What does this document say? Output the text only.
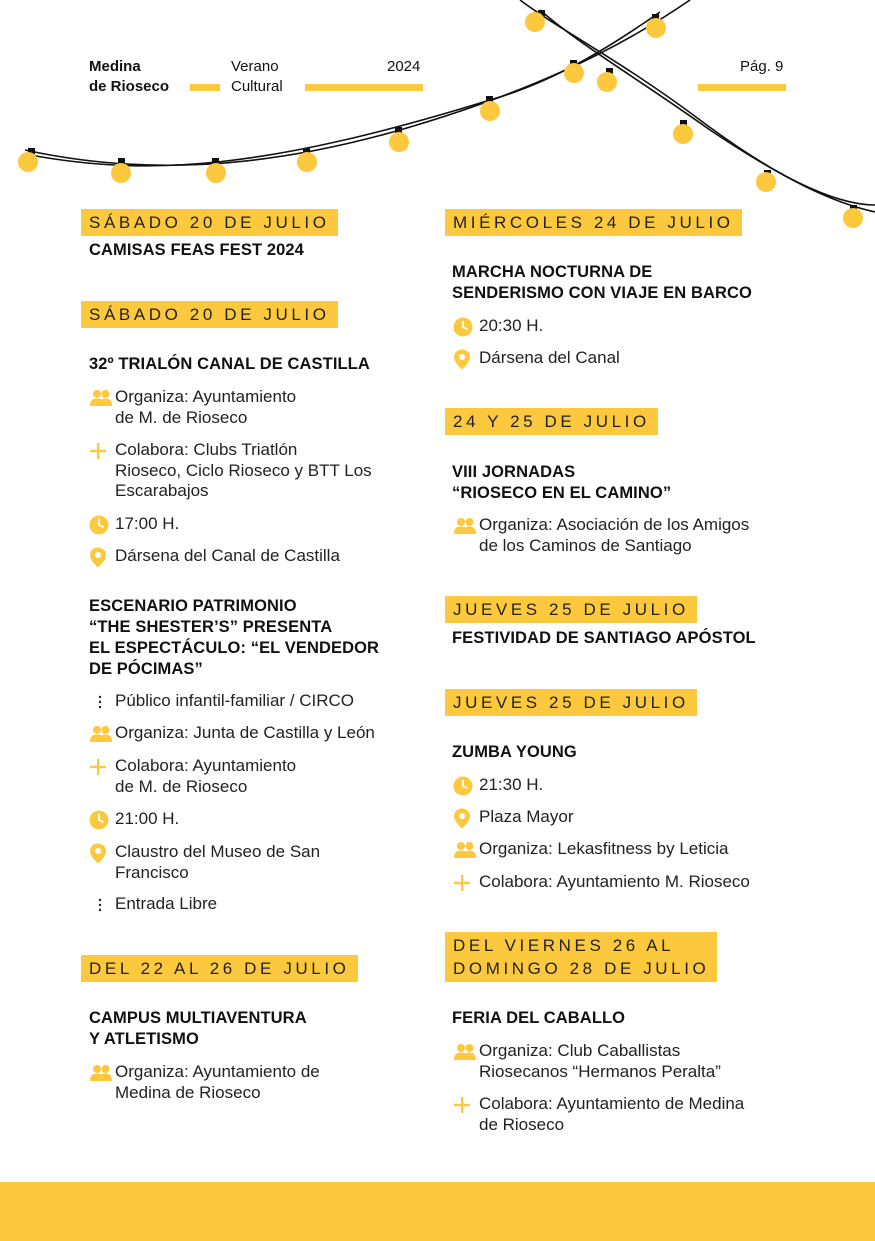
Medina
de Rioseco
Verano
Cultural
2024	Pág. 9
SÁBADO 20 DE JULIO
CAMISAS FEAS FEST 2024
SÁBADO 20 DE JULIO
32º TRIALÓN CANAL DE CASTILLA
Organiza: Ayuntamiento
de M. de Rioseco
Colabora: Clubs Triatlón
Rioseco, Ciclo Rioseco y BTT Los
Escarabajos
17:00 H.
Dársena del Canal de Castilla
ESCENARIO PATRIMONIO
“THE SHESTER’S” PRESENTA
EL ESPECTÁCULO: “EL VENDEDOR
DE PÓCIMAS”
Público infantil-familiar / CIRCO
Organiza: Junta de Castilla y León
Colabora: Ayuntamiento
de M. de Rioseco
21:00 H.
Claustro del Museo de San
Francisco
Entrada Libre
DEL 22 AL 26 DE JULIO
CAMPUS MULTIAVENTURA
Y ATLETISMO
Organiza: Ayuntamiento de
Medina de Rioseco
MIÉRCOLES 24 DE JULIO
MARCHA NOCTURNA DE
SENDERISMO CON VIAJE EN BARCO
20:30 H.
Dársena del Canal
24 Y 25 DE JULIO
VIII JORNADAS
“RIOSECO EN EL CAMINO”
Organiza: Asociación de los Amigos
de los Caminos de Santiago
JUEVES 25 DE JULIO
FESTIVIDAD DE SANTIAGO APÓSTOL
JUEVES 25 DE JULIO
ZUMBA YOUNG
21:30 H.
Plaza Mayor
Organiza: Lekasfitness by Leticia
Colabora: Ayuntamiento M. Rioseco
DEL VIERNES 26 AL
DOMINGO 28 DE JULIO
FERIA DEL CABALLO
Organiza: Club Caballistas
Riosecanos “Hermanos Peralta”
Colabora: Ayuntamiento de Medina
de Rioseco
